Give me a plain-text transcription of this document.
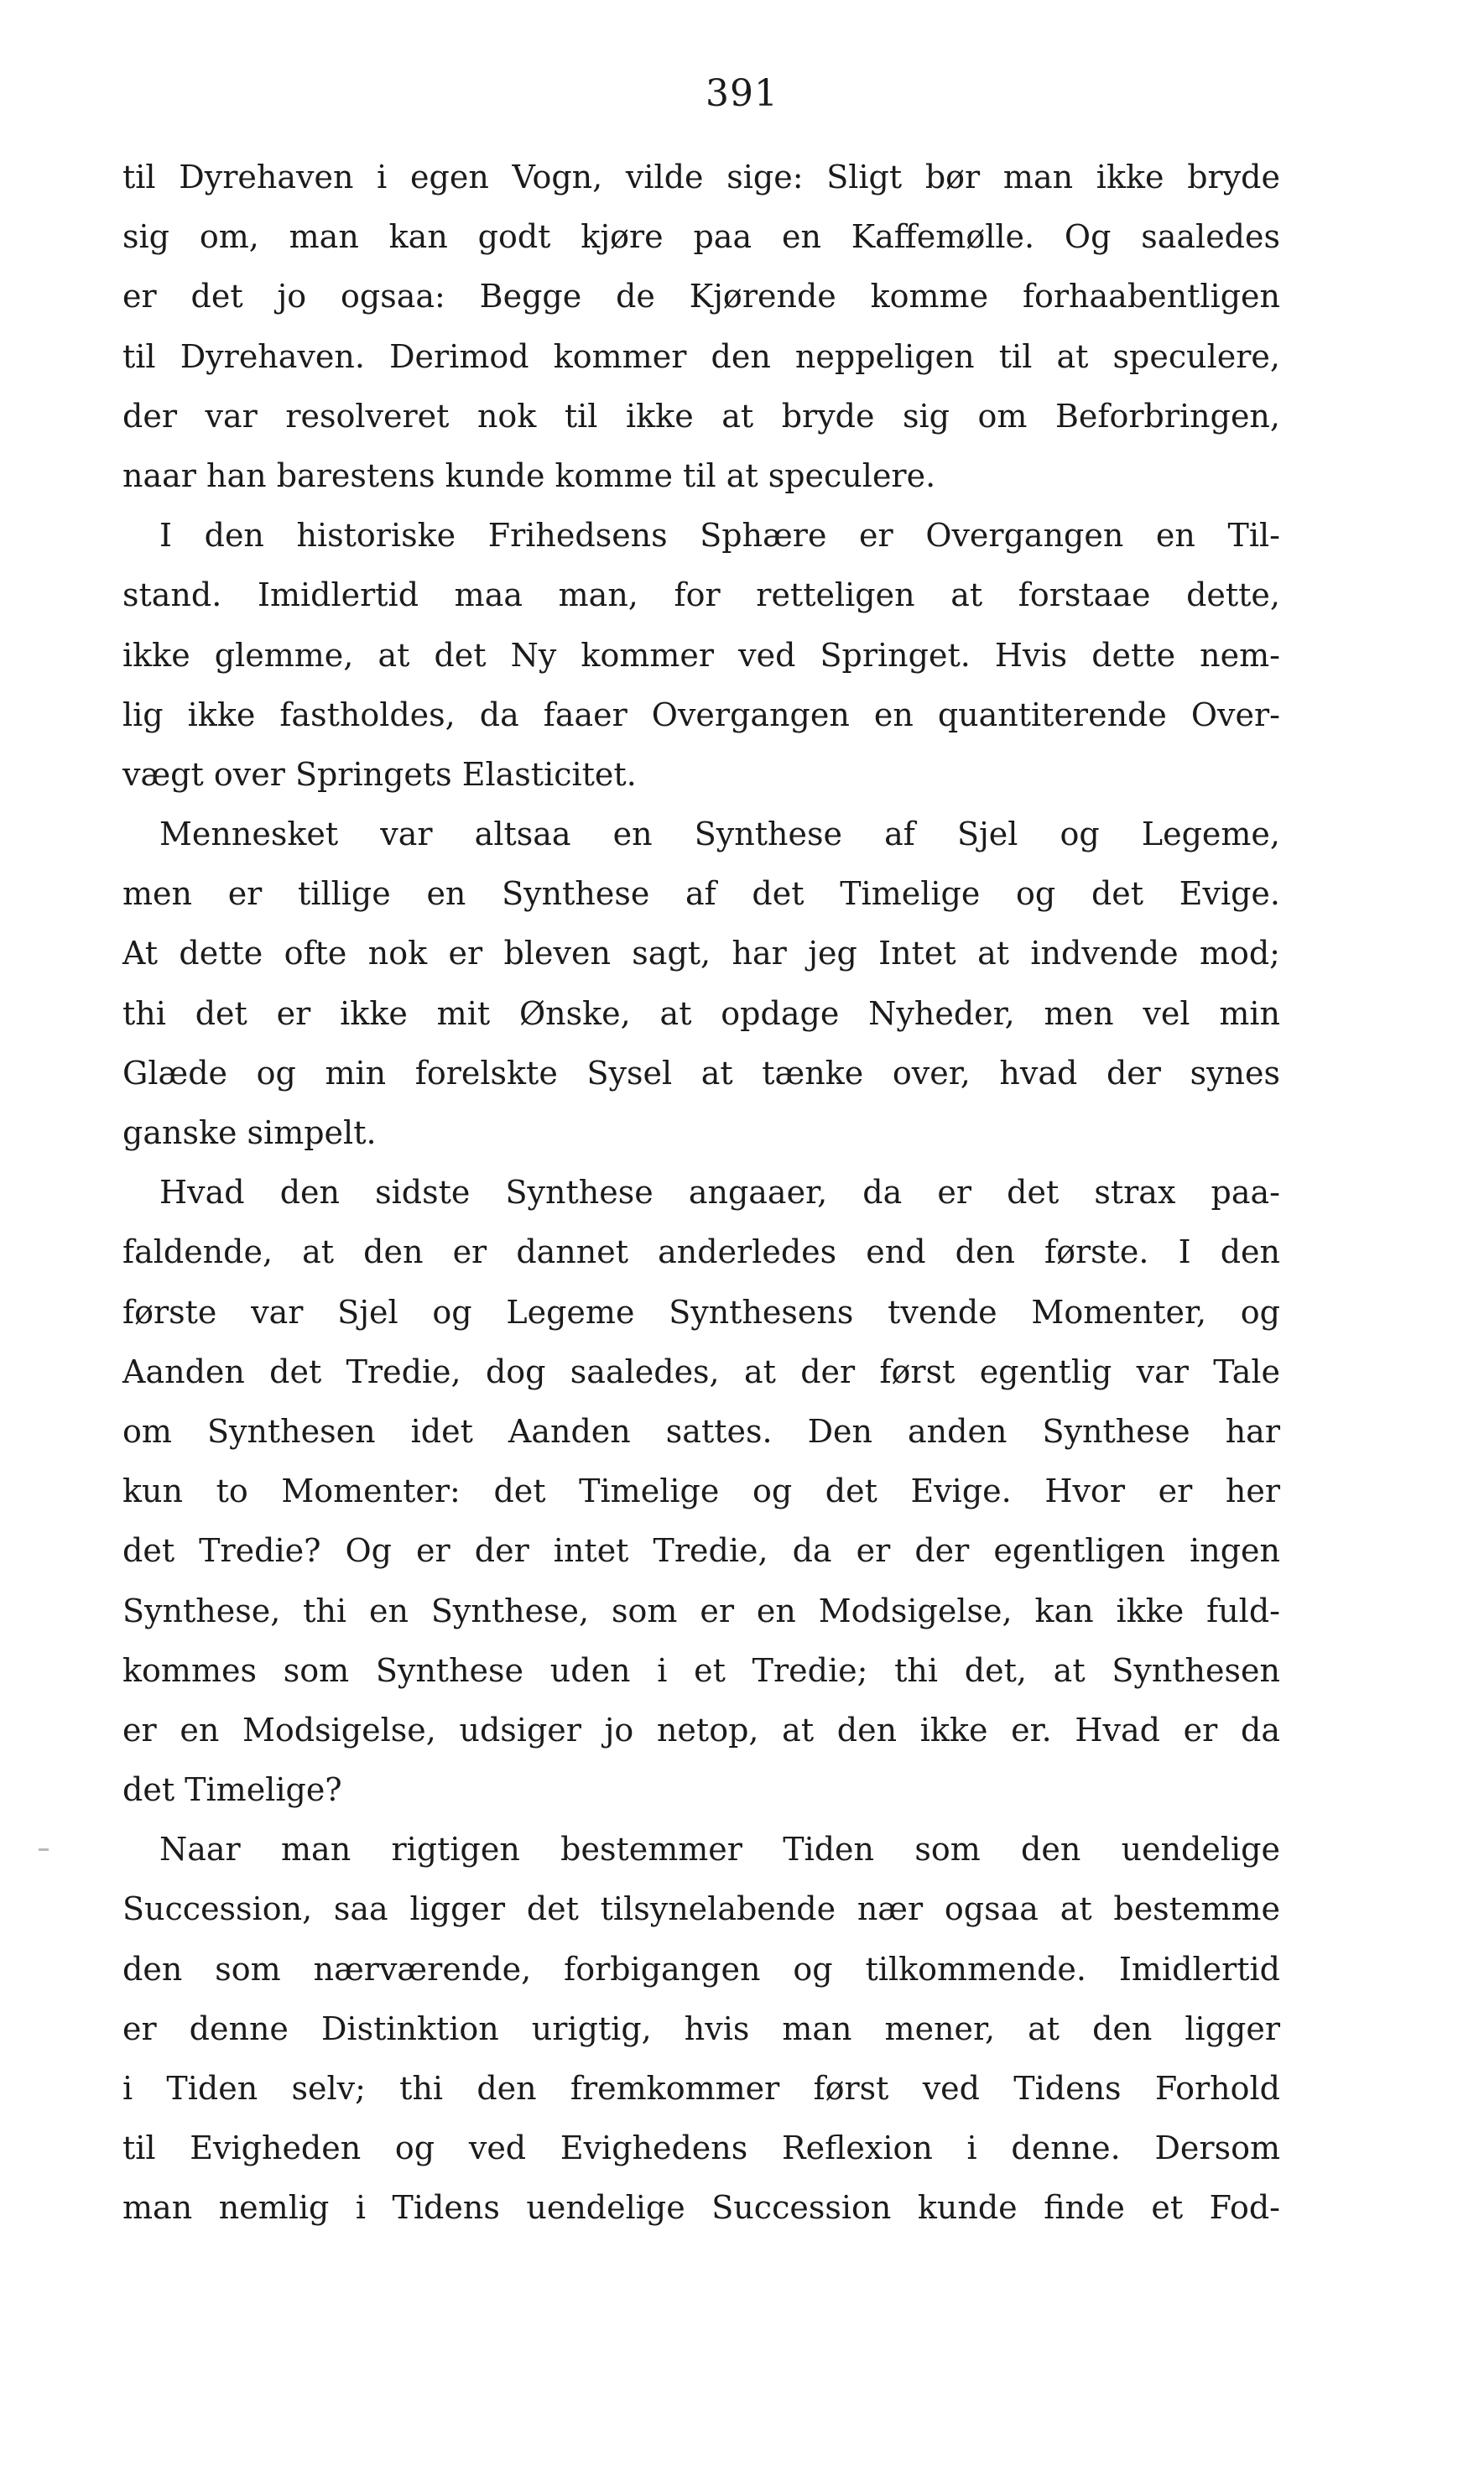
391

til Dyrehaven i egen Vogn, vilde sige: Sligt bør man ikke bryde
sig om, man kan godt kjøre paa en Kaffemølle. Og saaledes
er det jo ogsaa: Begge de Kjørende komme forhaabentligen
til Dyrehaven. Derimod kommer den neppeligen til at speculere,
der var resolveret nok til ikke at bryde sig om Beforbringen,
naar han barestens kunde komme til at speculere.

I den historiske Frihedsens Sphære er Overgangen en Til-
stand. Imidlertid maa man, for retteligen at forstaae dette,
ikke glemme, at det Ny kommer ved Springet. Hvis dette nem-
lig ikke fastholdes, da faaer Overgangen en quantiterende Over-
vægt over Springets Elasticitet.

Mennesket var altsaa en Synthese af Sjel og Legeme,
men er tillige en Synthese af det Timelige og det Evige.
At dette ofte nok er bleven sagt, har jeg Intet at indvende mod;
thi det er ikke mit Ønske, at opdage Nyheder, men vel min
Glæde og min forelskte Sysel at tænke over, hvad der synes
ganske simpelt.

Hvad den sidste Synthese angaaer, da er det strax paa-
faldende, at den er dannet anderledes end den første. I den
første var Sjel og Legeme Synthesens tvende Momenter, og
Aanden det Tredie, dog saaledes, at der først egentlig var Tale
om Synthesen idet Aanden sattes. Den anden Synthese har
kun to Momenter: det Timelige og det Evige. Hvor er her
det Tredie? Og er der intet Tredie, da er der egentligen ingen
Synthese, thi en Synthese, som er en Modsigelse, kan ikke fuld-
kommes som Synthese uden i et Tredie; thi det, at Synthesen
er en Modsigelse, udsiger jo netop, at den ikke er. Hvad er da
det Timelige?

Naar man rigtigen bestemmer Tiden som den uendelige
Succession, saa ligger det tilsynelabende nær ogsaa at bestemme
den som nærværende, forbigangen og tilkommende. Imidlertid
er denne Distinktion urigtig, hvis man mener, at den ligger
i Tiden selv; thi den fremkommer først ved Tidens Forhold
til Evigheden og ved Evighedens Reflexion i denne. Dersom
man nemlig i Tidens uendelige Succession kunde finde et Fod-
